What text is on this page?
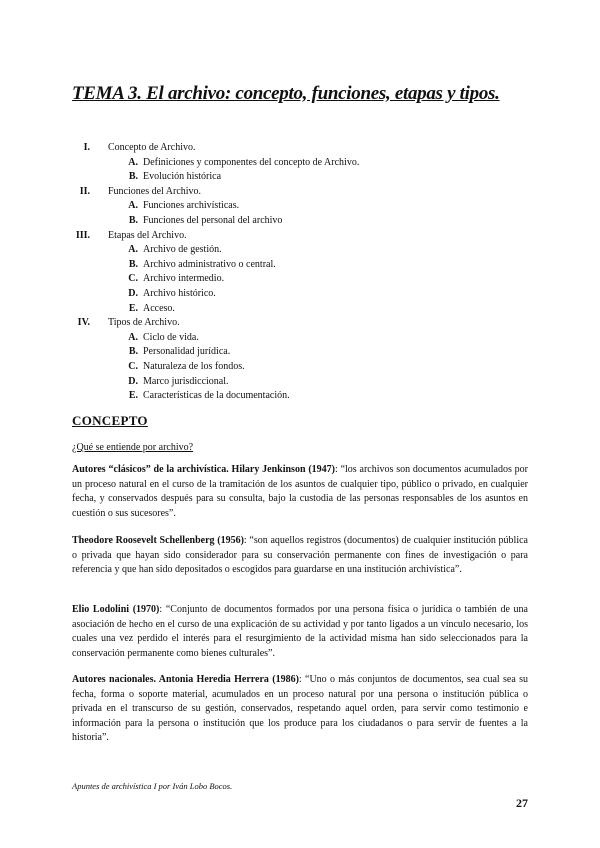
TEMA 3. El archivo: concepto, funciones, etapas y tipos.
I. Concepto de Archivo.
A. Definiciones y componentes del concepto de Archivo.
B. Evolución histórica
II. Funciones del Archivo.
A. Funciones archivísticas.
B. Funciones del personal del archivo
III. Etapas del Archivo.
A. Archivo de gestión.
B. Archivo administrativo o central.
C. Archivo intermedio.
D. Archivo histórico.
E. Acceso.
IV. Tipos de Archivo.
A. Ciclo de vida.
B. Personalidad jurídica.
C. Naturaleza de los fondos.
D. Marco jurisdiccional.
E. Características de la documentación.
CONCEPTO
¿Qué se entiende por archivo?
Autores “clásicos” de la archivística. Hilary Jenkinson (1947): “los archivos son documentos acumulados por un proceso natural en el curso de la tramitación de los asuntos de cualquier tipo, público o privado, en cualquier fecha, y conservados después para su consulta, bajo la custodia de las personas responsables de los asuntos en cuestión o sus sucesores”.
Theodore Roosevelt Schellenberg (1956): “son aquellos registros (documentos) de cualquier institución pública o privada que hayan sido considerador para su conservación permanente con fines de investigación o para referencia y que han sido depositados o escogidos para guardarse en una institución archivística”.
Elio Lodolini (1970): “Conjunto de documentos formados por una persona física o jurídica o también de una asociación de hecho en el curso de una explicación de su actividad y por tanto ligados a un vínculo necesario, los cuales una vez perdido el interés para el resurgimiento de la actividad misma han sido seleccionados para la conservación permanente como bienes culturales”.
Autores nacionales. Antonia Heredia Herrera (1986): “Uno o más conjuntos de documentos, sea cual sea su fecha, forma o soporte material, acumulados en un proceso natural por una persona o institución pública o privada en el transcurso de su gestión, conservados, respetando aquel orden, para servir como testimonio e información para la persona o institución que los produce para los ciudadanos o para servir de fuentes a la historia”.
Apuntes de archivística I por Iván Lobo Bocos.
27
